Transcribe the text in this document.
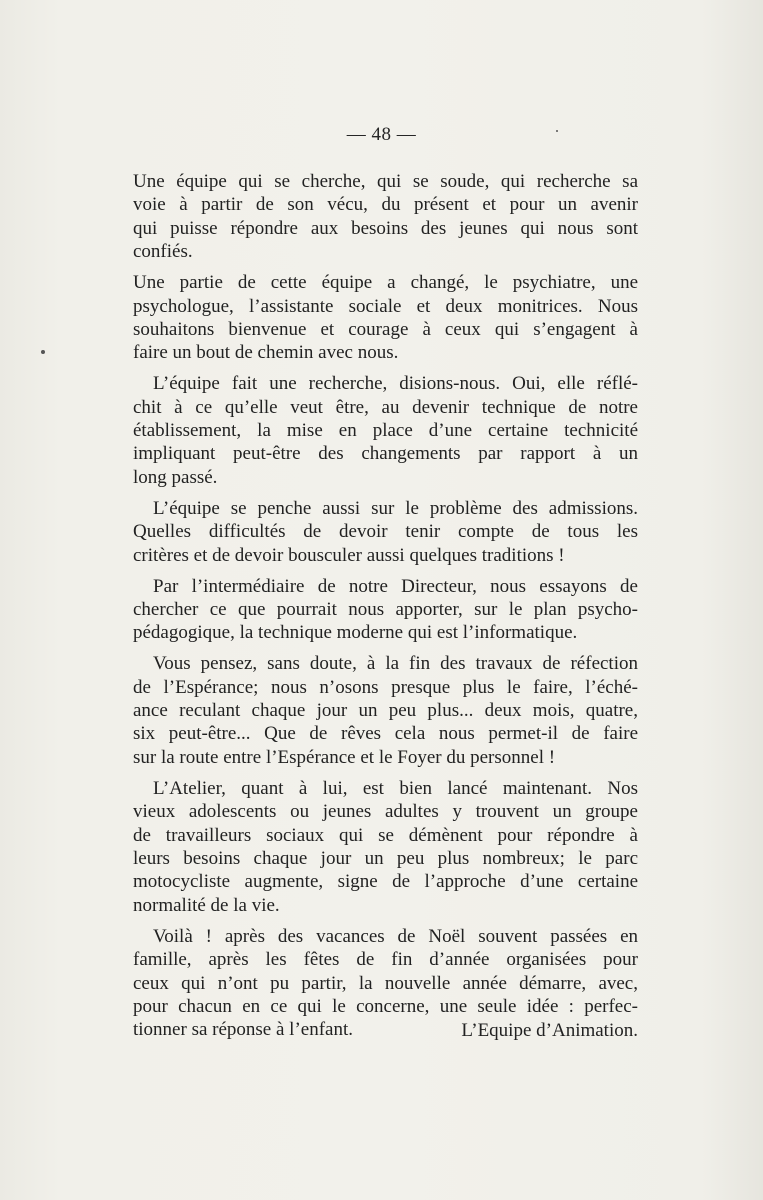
— 48 —

Une équipe qui se cherche, qui se soude, qui recherche sa
voie à partir de son vécu, du présent et pour un avenir
qui puisse répondre aux besoins des jeunes qui nous sont
confiés.

Une partie de cette équipe a changé, le psychiatre, une
psychologue, l’assistante sociale et deux monitrices. Nous
souhaitons bienvenue et courage à ceux qui s’engagent à
faire un bout de chemin avec nous.

L’équipe fait une recherche, disions-nous. Oui, elle réflé-
chit à ce qu’elle veut être, au devenir technique de notre
établissement, la mise en place d’une certaine technicité
impliquant peut-être des changements par rapport à un
long passé.

L’équipe se penche aussi sur le problème des admissions.
Quelles difficultés de devoir tenir compte de tous les
critères et de devoir bousculer aussi quelques traditions !

Par l’intermédiaire de notre Directeur, nous essayons de
chercher ce que pourrait nous apporter, sur le plan psycho-
pédagogique, la technique moderne qui est l’informatique.

Vous pensez, sans doute, à la fin des travaux de réfection
de l’Espérance; nous n’osons presque plus le faire, l’éché-
ance reculant chaque jour un peu plus... deux mois, quatre,
six peut-être... Que de rêves cela nous permet-il de faire
sur la route entre l’Espérance et le Foyer du personnel !

L’Atelier, quant à lui, est bien lancé maintenant. Nos
vieux adolescents ou jeunes adultes y trouvent un groupe
de travailleurs sociaux qui se démènent pour répondre à
leurs besoins chaque jour un peu plus nombreux; le parc
motocycliste augmente, signe de l’approche d’une certaine
normalité de la vie.

Voilà ! après des vacances de Noël souvent passées en
famille, après les fêtes de fin d’année organisées pour
ceux qui n’ont pu partir, la nouvelle année démarre, avec,
pour chacun en ce qui le concerne, une seule idée : perfec-
tionner sa réponse à l’enfant.	L’Equipe d’Animation.
